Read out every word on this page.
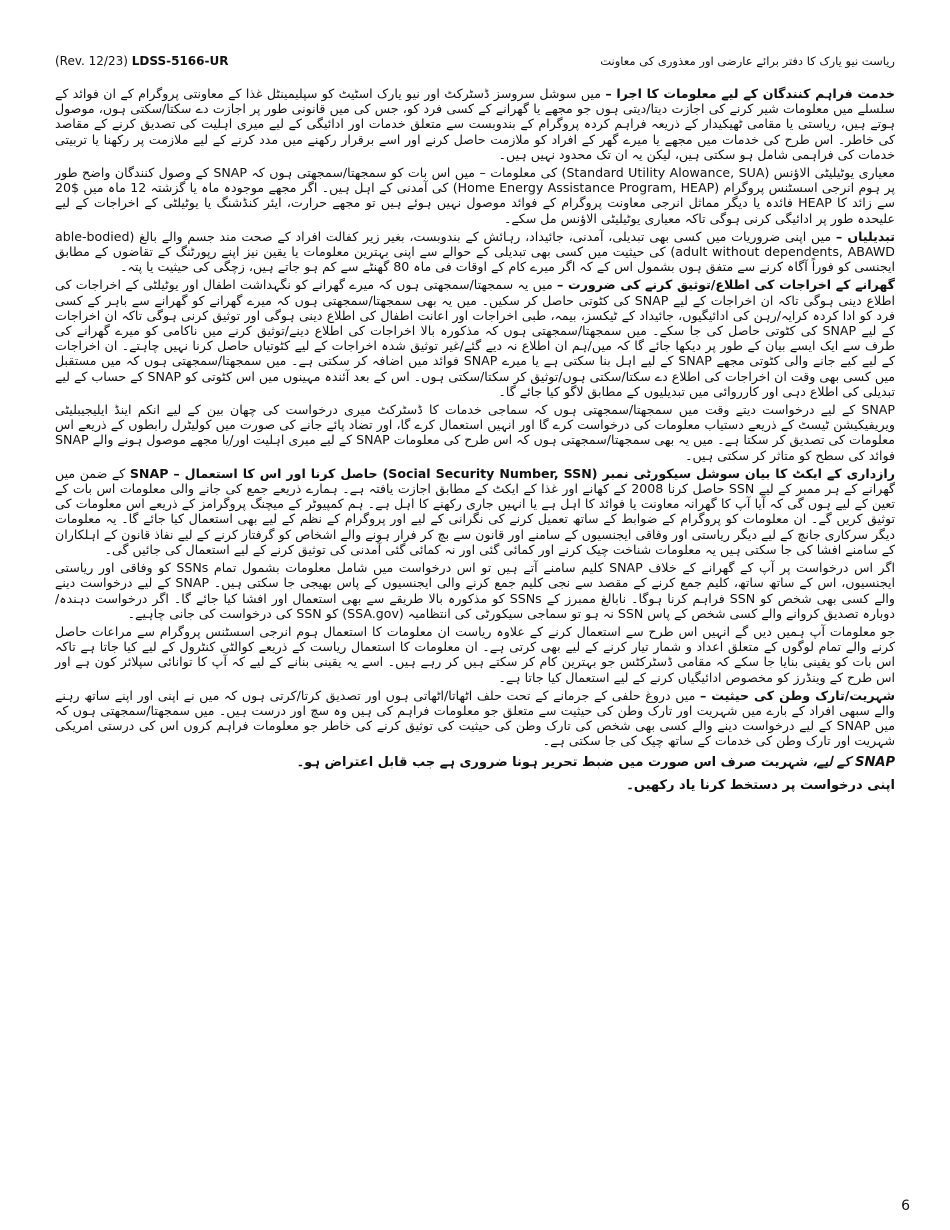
(Rev. 12/23) LDSS-5166-UR	ریاست نیو یارک کا دفتر برائے عارضی اور معذوری کی معاونت

خدمت فراہم کنندگان کے لیے معلومات کا اجرا – میں سوشل سروسز ڈسٹرکٹ اور نیو یارک اسٹیٹ کو سپلیمینٹل غذا کے معاونتی پروگرام کے ان فوائد کے سلسلے میں معلومات شیر کرنے کی اجازت دیتا/دیتی ہوں جو مجھے یا گھرانے کے کسی فرد کو، جس کی میں قانونی طور پر اجازت دے سکتا/سکتی ہوں، موصول ہوتے ہیں، ریاستی یا مقامی ٹھیکیدار کے ذریعہ فراہم کردہ پروگرام کے بندوبست سے متعلق خدمات اور ادائیگی کے لیے میری اہلیت کی تصدیق کرنے کے مقاصد کی خاطر۔ اس طرح کی خدمات میں مجھے یا میرے گھر کے افراد کو ملازمت حاصل کرنے اور اسے برقرار رکھنے میں مدد کرنے کے لیے ملازمت پر رکھنا یا تربیتی خدمات کی فراہمی شامل ہو سکتی ہیں، لیکن یہ ان تک محدود نہیں ہیں۔

معیاری یوٹیلیٹی الاؤنس (Standard Utility Alowance, SUA) کی معلومات – میں اس بات کو سمجھتا/سمجھتی ہوں کہ SNAP کے وصول کنندگان واضح طور پر ہوم انرجی اسسٹنس پروگرام (Home Energy Assistance Program, HEAP) کی آمدنی کے اہل ہیں۔ اگر مجھے موجودہ ماہ یا گزشتہ 12 ماہ میں $20 سے زائد کا HEAP فائدہ یا دیگر مماثل انرجی معاونت پروگرام کے فوائد موصول نہیں ہوئے ہیں تو مجھے حرارت، ایئر کنڈشنگ یا یوٹیلٹی کے اخراجات کے لیے علیحدہ طور پر ادائیگی کرنی ہوگی تاکہ معیاری یوٹیلیٹی الاؤنس مل سکے۔

تبدیلیاں – میں اپنی ضروریات میں کسی بھی تبدیلی، آمدنی، جائیداد، رہائش کے بندوبست، بغیر زیر کفالت افراد کے صحت مند جسم والے بالغ (able-bodied adult without dependents, ABAWD) کی حیثیت میں کسی بھی تبدیلی کے حوالے سے اپنی بہترین معلومات یا یقین نیز اپنے رپورٹنگ کے تقاضوں کے مطابق ایجنسی کو فوراً آگاہ کرنے سے متفق ہوں بشمول اس کے کہ اگر میرے کام کے اوقات فی ماہ 80 گھنٹے سے کم ہو جاتے ہیں، زچگی کی حیثیت یا پتہ۔

گھرانے کے اخراجات کی اطلاع/توثیق کرنے کی ضرورت – میں یہ سمجھتا/سمجھتی ہوں کہ میرے گھرانے کو نگہداشت اطفال اور یوٹیلٹی کے اخراجات کی اطلاع دینی ہوگی تاکہ ان اخراجات کے لیے SNAP کی کٹوتی حاصل کر سکیں۔ میں یہ بھی سمجھتا/سمجھتی ہوں کہ میرے گھرانے کو گھرانے سے باہر کے کسی فرد کو ادا کردہ کرایہ/رہن کی ادائیگیوں، جائیداد کے ٹیکسز، بیمہ، طبی اخراجات اور اعانت اطفال کی اطلاع دینی ہوگی اور توثیق کرنی ہوگی تاکہ ان اخراجات کے لیے SNAP کی کٹوتی حاصل کی جا سکے۔ میں سمجھتا/سمجھتی ہوں کہ مذکورہ بالا اخراجات کی اطلاع دینے/توثیق کرنے میں ناکامی کو میرے گھرانے کی طرف سے ایک ایسے بیان کے طور پر دیکھا جائے گا کہ میں/ہم ان اطلاع نہ دیے گئے/غیر توثیق شدہ اخراجات کے لیے کٹوتیاں حاصل کرنا نہیں چاہتے۔ ان اخراجات کے لیے کیے جانے والی کٹوتی مجھے SNAP کے لیے اہل بنا سکتی ہے یا میرے SNAP فوائد میں اضافہ کر سکتی ہے۔ میں سمجھتا/سمجھتی ہوں کہ میں مستقبل میں کسی بھی وقت ان اخراجات کی اطلاع دے سکتا/سکتی ہوں/توثیق کر سکتا/سکتی ہوں۔ اس کے بعد آئندہ مہینوں میں اس کٹوتی کو SNAP کے حساب کے لیے تبدیلی کی اطلاع دہی اور کارروائی میں تبدیلیوں کے مطابق لاگو کیا جائے گا۔

SNAP کے لیے درخواست دیتے وقت میں سمجھتا/سمجھتی ہوں کہ سماجی خدمات کا ڈسٹرکٹ میری درخواست کی چھان بین کے لیے انکم اینڈ ایلیجیبلیٹی ویریفیکیشن ٹیسٹ کے ذریعے دستیاب معلومات کی درخواست کرے گا اور انہیں استعمال کرے گا، اور تضاد پائے جانے کی صورت میں کولیٹرل رابطوں کے ذریعے اس معلومات کی تصدیق کر سکتا ہے۔ میں یہ بھی سمجھتا/سمجھتی ہوں کہ اس طرح کی معلومات SNAP کے لیے میری اہلیت اور/یا مجھے موصول ہونے والے SNAP فوائد کی سطح کو متاثر کر سکتی ہیں۔

رازداری کے ایکٹ کا بیان سوشل سیکورٹی نمبر (Social Security Number, SSN) حاصل کرنا اور اس کا استعمال – SNAP کے ضمن میں گھرانے کے ہر ممبر کے لیے SSN حاصل کرنا 2008 کے کھانے اور غذا کے ایکٹ کے مطابق اجازت یافتہ ہے۔ ہمارے ذریعے جمع کی جانے والی معلومات اس بات کے تعین کے لیے ہوں گی کہ آیا آپ کا گھرانہ معاونت یا فوائد کا اہل ہے یا انہیں جاری رکھنے کا اہل ہے۔ ہم کمپیوٹر کے میچنگ پروگرامز کے ذریعے اس معلومات کی توثیق کریں گے۔ ان معلومات کو پروگرام کے ضوابط کے ساتھ تعمیل کرنے کی نگرانی کے لیے اور پروگرام کے نظم کے لیے بھی استعمال کیا جائے گا۔ یہ معلومات دیگر سرکاری جانچ کے لیے دیگر ریاستی اور وفاقی ایجنسیوں کے سامنے اور قانون سے بچ کر فرار ہونے والے اشخاص کو گرفتار کرنے کے لیے نفاذ قانون کے اہلکاران کے سامنے افشا کی جا سکتی ہیں یہ معلومات شناخت چیک کرنے اور کمائی گئی اور نہ کمائی گئی آمدنی کی توثیق کرنے کے لیے استعمال کی جائیں گی۔

اگر اس درخواست پر آپ کے گھرانے کے خلاف SNAP کلیم سامنے آتے ہیں تو اس درخواست میں شامل معلومات بشمول تمام SSNs کو وفاقی اور ریاستی ایجنسیوں، اس کے ساتھ ساتھ، کلیم جمع کرنے کے مقصد سے نجی کلیم جمع کرنے والی ایجنسیوں کے پاس بھیجی جا سکتی ہیں۔ SNAP کے لیے درخواست دینے والے کسی بھی شخص کو SSN فراہم کرنا ہوگا۔ نابالغ ممبرز کے SSNs کو مذکورہ بالا طریقے سے بھی استعمال اور افشا کیا جائے گا۔ اگر درخواست دہندہ/دوبارہ تصدیق کروانے والے کسی شخص کے پاس SSN نہ ہو تو سماجی سیکورٹی کی انتظامیہ (SSA.gov) کو SSN کی درخواست کی جانی چاہیے۔

جو معلومات آپ ہمیں دیں گے انہیں اس طرح سے استعمال کرنے کے علاوہ ریاست ان معلومات کا استعمال ہوم انرجی اسسٹنس پروگرام سے مراعات حاصل کرنے والے تمام لوگوں کے متعلق اعداد و شمار تیار کرنے کے لیے بھی کرتی ہے۔ ان معلومات کا استعمال ریاست کے ذریعے کوالٹی کنٹرول کے لیے کیا جاتا ہے تاکہ اس بات کو یقینی بنایا جا سکے کہ مقامی ڈسٹرکٹس جو بہترین کام کر سکتے ہیں کر رہے ہیں۔ اسے یہ یقینی بنانے کے لیے کہ آپ کا توانائی سپلائر کون ہے اور اس طرح کے وینڈرز کو مخصوص ادائیگیاں کرنے کے لیے استعمال کیا جاتا ہے۔

شہریت/تارک وطن کی حیثیت – میں دروغ حلفی کے جرمانے کے تحت حلف اٹھاتا/اٹھاتی ہوں اور تصدیق کرتا/کرتی ہوں کہ میں نے اپنی اور اپنے ساتھ رہنے والے سبھی افراد کے بارے میں شہریت اور تارک وطن کی حیثیت سے متعلق جو معلومات فراہم کی ہیں وہ سچ اور درست ہیں۔ میں سمجھتا/سمجھتی ہوں کہ میں SNAP کے لیے درخواست دینے والے کسی بھی شخص کی تارک وطن کی حیثیت کی توثیق کرنے کی خاطر جو معلومات فراہم کروں اس کی درستی امریکی شہریت اور تارک وطن کی خدمات کے ساتھ چیک کی جا سکتی ہے۔

SNAP کے لیے، شہریت صرف اس صورت میں ضبط تحریر ہونا ضروری ہے جب قابل اعتراض ہو۔

اپنی درخواست پر دستخط کرنا یاد رکھیں۔

6
